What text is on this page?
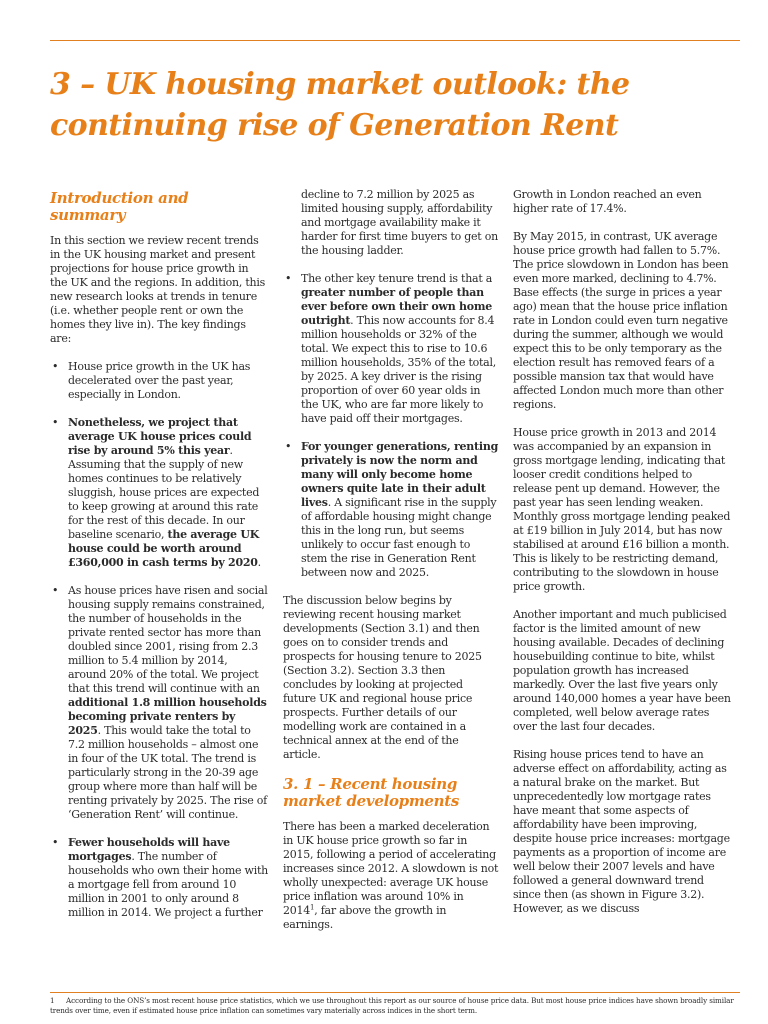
3 – UK housing market outlook: the continuing rise of Generation Rent
Introduction and summary

In this section we review recent trends in the UK housing market and present projections for house price growth in the UK and the regions. In addition, this new research looks at trends in tenure (i.e. whether people rent or own the homes they live in). The key findings are:

• House price growth in the UK has decelerated over the past year, especially in London.
• Nonetheless, we project that average UK house prices could rise by around 5% this year. Assuming that the supply of new homes continues to be relatively sluggish, house prices are expected to keep growing at around this rate for the rest of this decade. In our baseline scenario, the average UK house could be worth around £360,000 in cash terms by 2020.
• As house prices have risen and social housing supply remains constrained, the number of households in the private rented sector has more than doubled since 2001, rising from 2.3 million to 5.4 million by 2014, around 20% of the total. We project that this trend will continue with an additional 1.8 million households becoming private renters by 2025. This would take the total to 7.2 million households – almost one in four of the UK total. The trend is particularly strong in the 20-39 age group where more than half will be renting privately by 2025. The rise of ‘Generation Rent’ will continue.
• Fewer households will have mortgages. The number of households who own their home with a mortgage fell from around 10 million in 2001 to only around 8 million in 2014. We project a further

decline to 7.2 million by 2025 as limited housing supply, affordability and mortgage availability make it harder for first time buyers to get on the housing ladder.

• The other key tenure trend is that a greater number of people than ever before own their own home outright. This now accounts for 8.4 million households or 32% of the total. We expect this to rise to 10.6 million households, 35% of the total, by 2025. A key driver is the rising proportion of over 60 year olds in the UK, who are far more likely to have paid off their mortgages.
• For younger generations, renting privately is now the norm and many will only become home owners quite late in their adult lives. A significant rise in the supply of affordable housing might change this in the long run, but seems unlikely to occur fast enough to stem the rise in Generation Rent between now and 2025.

The discussion below begins by reviewing recent housing market developments (Section 3.1) and then goes on to consider trends and prospects for housing tenure to 2025 (Section 3.2). Section 3.3 then concludes by looking at projected future UK and regional house price prospects. Further details of our modelling work are contained in a technical annex at the end of the article.

3. 1 – Recent housing market developments

There has been a marked deceleration in UK house price growth so far in 2015, following a period of accelerating increases since 2012. A slowdown is not wholly unexpected: average UK house price inflation was around 10% in 2014$^1$, far above the growth in earnings.

Growth in London reached an even higher rate of 17.4%.

By May 2015, in contrast, UK average house price growth had fallen to 5.7%. The price slowdown in London has been even more marked, declining to 4.7%. Base effects (the surge in prices a year ago) mean that the house price inflation rate in London could even turn negative during the summer, although we would expect this to be only temporary as the election result has removed fears of a possible mansion tax that would have affected London much more than other regions.

House price growth in 2013 and 2014 was accompanied by an expansion in gross mortgage lending, indicating that looser credit conditions helped to release pent up demand. However, the past year has seen lending weaken. Monthly gross mortgage lending peaked at £19 billion in July 2014, but has now stabilised at around £16 billion a month. This is likely to be restricting demand, contributing to the slowdown in house price growth.

Another important and much publicised factor is the limited amount of new housing available. Decades of declining housebuilding continue to bite, whilst population growth has increased markedly. Over the last five years only around 140,000 homes a year have been completed, well below average rates over the last four decades.

Rising house prices tend to have an adverse effect on affordability, acting as a natural brake on the market. But unprecedentedly low mortgage rates have meant that some aspects of affordability have been improving, despite house price increases: mortgage payments as a proportion of income are well below their 2007 levels and have followed a general downward trend since then (as shown in Figure 3.2). However, as we discuss

1 According to the ONS’s most recent house price statistics, which we use throughout this report as our source of house price data. But most house price indices have shown broadly similar trends over time, even if estimated house price inflation can sometimes vary materially across indices in the short term.
